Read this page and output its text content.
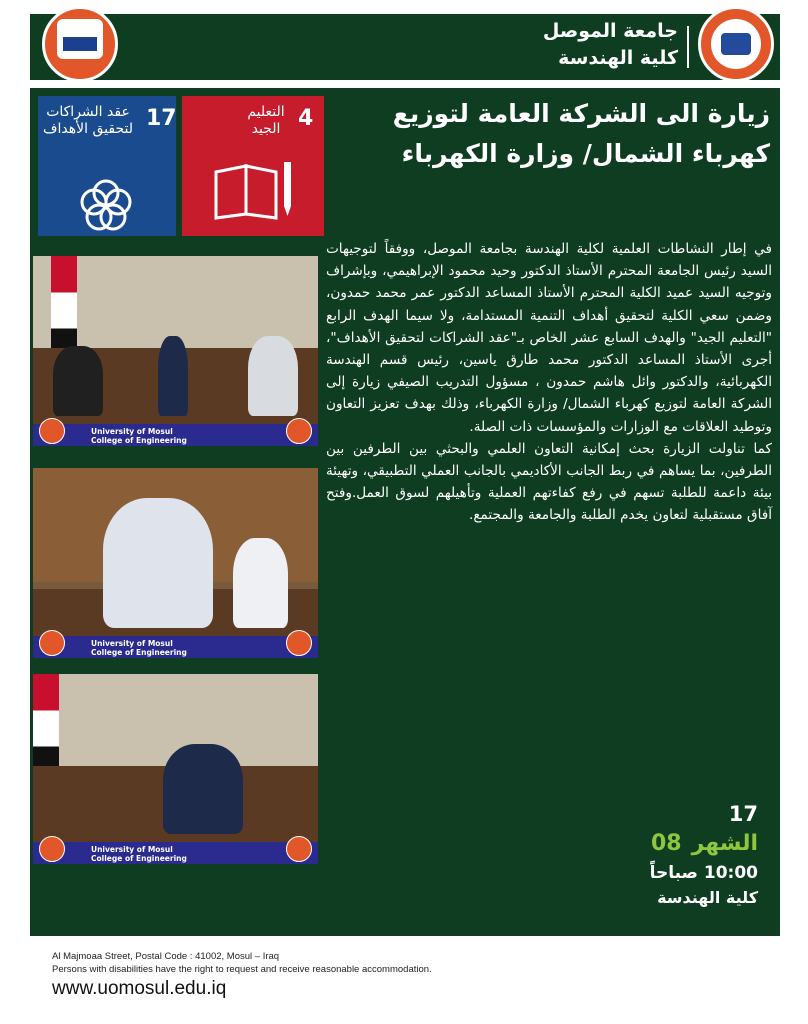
جامعة الموصل
كلية الهندسة
17
عقد الشراكات لتحقيق الأهداف	4
التعليم الجيد
زيارة الى الشركة العامة لتوزيع كهرباء الشمال/ وزارة الكهرباء
University of Mosul
College of Engineering
University of Mosul
College of Engineering
University of Mosul
College of Engineering

في إطار النشاطات العلمية لكلية الهندسة بجامعة الموصل، ووفقاً لتوجيهات السيد رئيس الجامعة المحترم الأستاذ الدكتور وحيد محمود الإبراهيمي، وبإشراف وتوجيه السيد عميد الكلية المحترم الأستاذ المساعد الدكتور عمر محمد حمدون، وضمن سعي الكلية لتحقيق أهداف التنمية المستدامة، ولا سيما الهدف الرابع "التعليم الجيد" والهدف السابع عشر الخاص بـ"عقد الشراكات لتحقيق الأهداف"، أجرى الأستاذ المساعد الدكتور محمد طارق ياسين، رئيس قسم الهندسة الكهربائية، والدكتور وائل هاشم حمدون ، مسؤول التدريب الصيفي زيارة إلى الشركة العامة لتوزيع كهرباء الشمال/ وزارة الكهرباء، وذلك بهدف تعزيز التعاون وتوطيد العلاقات مع الوزارات والمؤسسات ذات الصلة.

كما تناولت الزيارة بحث إمكانية التعاون العلمي والبحثي بين الطرفين بين الطرفين، بما يساهم في ربط الجانب الأكاديمي بالجانب العملي التطبيقي، وتهيئة بيئة داعمة للطلبة تسهم في رفع كفاءتهم العملية وتأهيلهم لسوق العمل.وفتح آفاق مستقبلية لتعاون يخدم الطلبة والجامعة والمجتمع.

17
الشهر08
10:00 صباحاً
كلية الهندسة
Al Majmoaa Street, Postal Code : 41002, Mosul – Iraq
Persons with disabilities have the right to request and receive reasonable accommodation.
www.uomosul.edu.iq
